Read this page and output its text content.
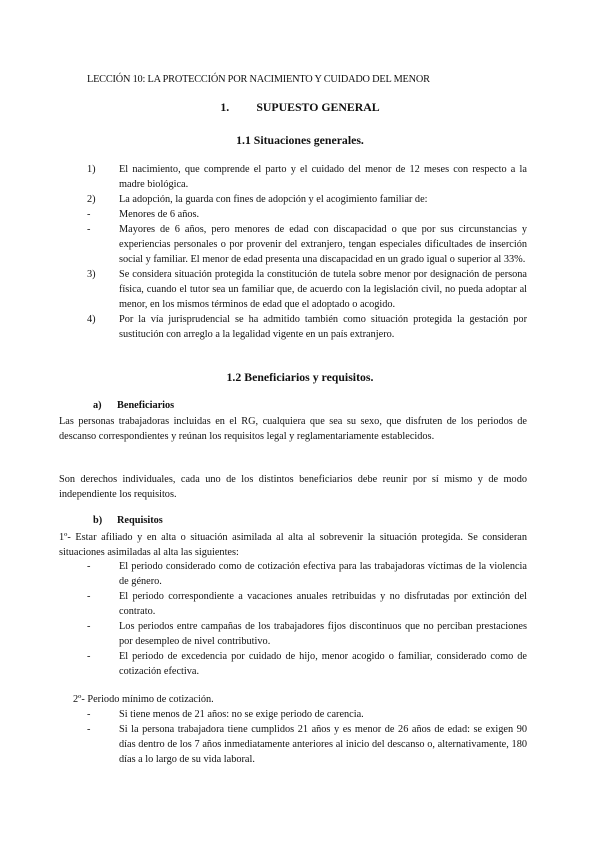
LECCIÓN 10: LA PROTECCIÓN POR NACIMIENTO Y CUIDADO DEL MENOR
1. SUPUESTO GENERAL
1.1 Situaciones generales.
1)	El nacimiento, que comprende el parto y el cuidado del menor de 12 meses con respecto a la madre biológica.
2)	La adopción, la guarda con fines de adopción y el acogimiento familiar de:
-	Menores de 6 años.
-	Mayores de 6 años, pero menores de edad con discapacidad o que por sus circunstancias y experiencias personales o por provenir del extranjero, tengan especiales dificultades de inserción social y familiar. El menor de edad presenta una discapacidad en un grado igual o superior al 33%.
3)	Se considera situación protegida la constitución de tutela sobre menor por designación de persona física, cuando el tutor sea un familiar que, de acuerdo con la legislación civil, no pueda adoptar al menor, en los mismos términos de edad que el adoptado o acogido.
4)	Por la vía jurisprudencial se ha admitido también como situación protegida la gestación por sustitución con arreglo a la legalidad vigente en un país extranjero.
1.2 Beneficiarios y requisitos.
a) Beneficiarios
Las personas trabajadoras incluidas en el RG, cualquiera que sea su sexo, que disfruten de los periodos de descanso correspondientes y reúnan los requisitos legal y reglamentariamente establecidos.
Son derechos individuales, cada uno de los distintos beneficiarios debe reunir por sí mismo y de modo independiente los requisitos.
b) Requisitos
1º- Estar afiliado y en alta o situación asimilada al alta al sobrevenir la situación protegida. Se consideran situaciones asimiladas al alta las siguientes:
-	El periodo considerado como de cotización efectiva para las trabajadoras víctimas de la violencia de género.
-	El periodo correspondiente a vacaciones anuales retribuidas y no disfrutadas por extinción del contrato.
-	Los periodos entre campañas de los trabajadores fijos discontinuos que no perciban prestaciones por desempleo de nivel contributivo.
-	El periodo de excedencia por cuidado de hijo, menor acogido o familiar, considerado como de cotización efectiva.
2º- Periodo mínimo de cotización.
-	Si tiene menos de 21 años: no se exige periodo de carencia.
-	Si la persona trabajadora tiene cumplidos 21 años y es menor de 26 años de edad: se exigen 90 días dentro de los 7 años inmediatamente anteriores al inicio del descanso o, alternativamente, 180 días a lo largo de su vida laboral.
